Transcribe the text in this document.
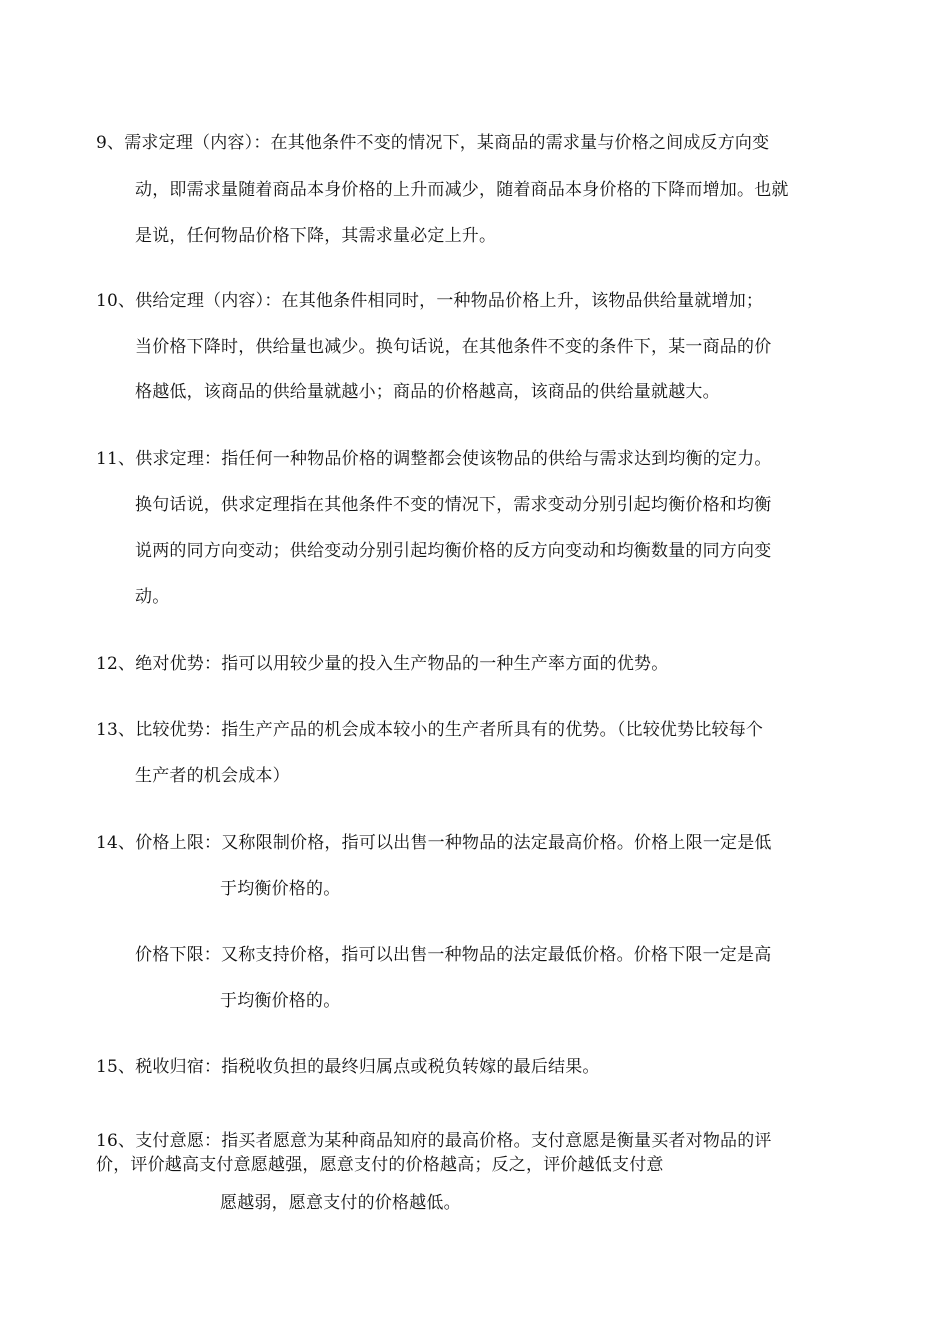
9、需求定理（内容）：在其他条件不变的情况下，某商品的需求量与价格之间成反方向变
动，即需求量随着商品本身价格的上升而减少，随着商品本身价格的下降而增加。也就
是说，任何物品价格下降，其需求量必定上升。
10、供给定理（内容）：在其他条件相同时，一种物品价格上升，该物品供给量就增加；
当价格下降时，供给量也减少。换句话说，在其他条件不变的条件下，某一商品的价
格越低，该商品的供给量就越小；商品的价格越高，该商品的供给量就越大。
11、供求定理：指任何一种物品价格的调整都会使该物品的供给与需求达到均衡的定力。
换句话说，供求定理指在其他条件不变的情况下，需求变动分别引起均衡价格和均衡
说两的同方向变动；供给变动分别引起均衡价格的反方向变动和均衡数量的同方向变
动。
12、绝对优势：指可以用较少量的投入生产物品的一种生产率方面的优势。
13、比较优势：指生产产品的机会成本较小的生产者所具有的优势。（比较优势比较每个
生产者的机会成本）
14、价格上限：又称限制价格，指可以出售一种物品的法定最高价格。价格上限一定是低
于均衡价格的。
价格下限：又称支持价格，指可以出售一种物品的法定最低价格。价格下限一定是高
于均衡价格的。
15、税收归宿：指税收负担的最终归属点或税负转嫁的最后结果。
16、支付意愿：指买者愿意为某种商品知府的最高价格。支付意愿是衡量买者对物品的评
价，评价越高支付意愿越强，愿意支付的价格越高；反之，评价越低支付意
愿越弱，愿意支付的价格越低。
